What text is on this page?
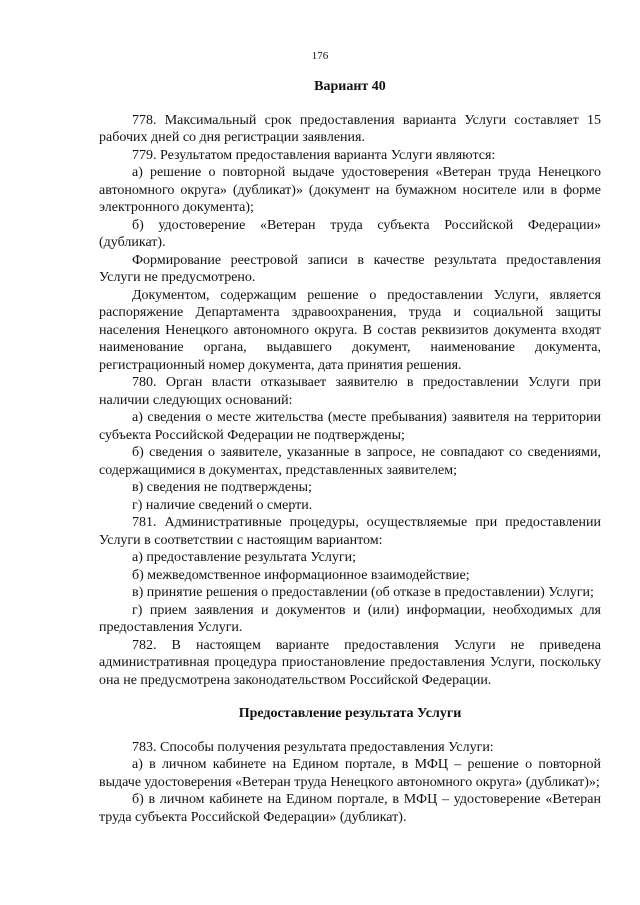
176
Вариант 40

778. Максимальный срок предоставления варианта Услуги составляет 15 рабочих дней со дня регистрации заявления.

779. Результатом предоставления варианта Услуги являются:

а) решение о повторной выдаче удостоверения «Ветеран труда Ненецкого автономного округа» (дубликат)» (документ на бумажном носителе или в форме электронного документа);

б) удостоверение «Ветеран труда субъекта Российской Федерации» (дубликат).

Формирование реестровой записи в качестве результата предоставления Услуги не предусмотрено.

Документом, содержащим решение о предоставлении Услуги, является распоряжение Департамента здравоохранения, труда и социальной защиты населения Ненецкого автономного округа. В состав реквизитов документа входят наименование органа, выдавшего документ, наименование документа, регистрационный номер документа, дата принятия решения.

780. Орган власти отказывает заявителю в предоставлении Услуги при наличии следующих оснований:

а) сведения о месте жительства (месте пребывания) заявителя на территории субъекта Российской Федерации не подтверждены;

б) сведения о заявителе, указанные в запросе, не совпадают со сведениями, содержащимися в документах, представленных заявителем;

в) сведения не подтверждены;

г) наличие сведений о смерти.

781. Административные процедуры, осуществляемые при предоставлении Услуги в соответствии с настоящим вариантом:

а) предоставление результата Услуги;

б) межведомственное информационное взаимодействие;

в) принятие решения о предоставлении (об отказе в предоставлении) Услуги;

г) прием заявления и документов и (или) информации, необходимых для предоставления Услуги.

782. В настоящем варианте предоставления Услуги не приведена административная процедура приостановление предоставления Услуги, поскольку она не предусмотрена законодательством Российской Федерации.

Предоставление результата Услуги

783. Способы получения результата предоставления Услуги:

а) в личном кабинете на Едином портале, в МФЦ – решение о повторной выдаче удостоверения «Ветеран труда Ненецкого автономного округа» (дубликат)»;

б) в личном кабинете на Едином портале, в МФЦ – удостоверение «Ветеран труда субъекта Российской Федерации» (дубликат).
